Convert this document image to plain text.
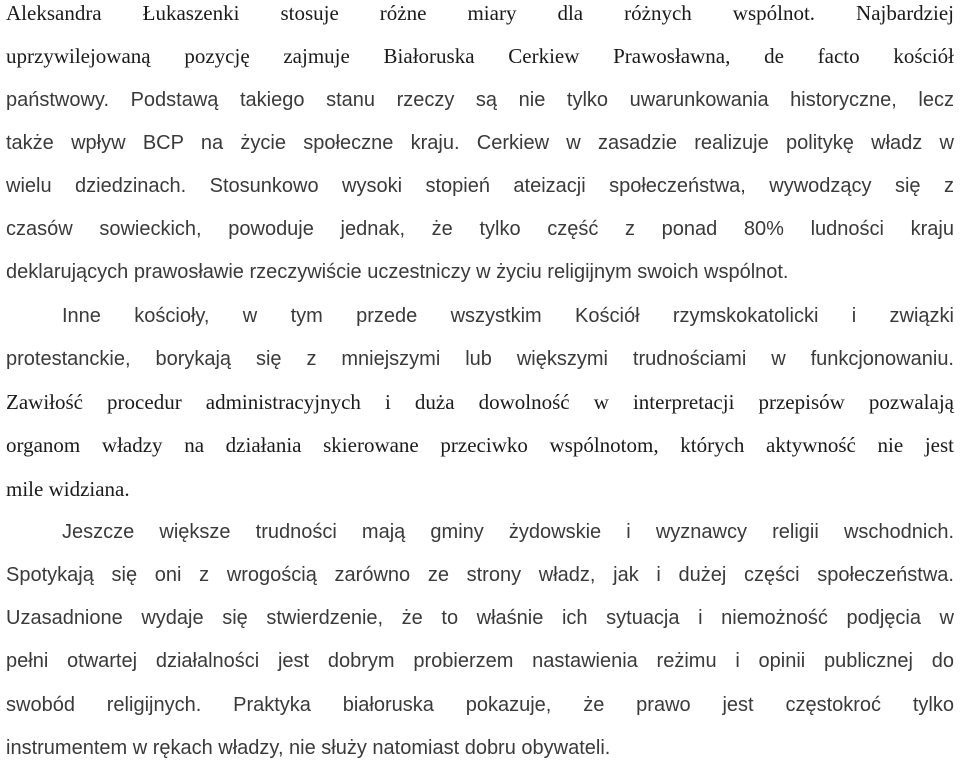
Aleksandra Łukaszenki stosuje różne miary dla różnych wspólnot. Najbardziej
uprzywilejowaną pozycję zajmuje Białoruska Cerkiew Prawosławna, de facto kościół
państwowy. Podstawą takiego stanu rzeczy są nie tylko uwarunkowania historyczne, lecz
także wpływ BCP na życie społeczne kraju. Cerkiew w zasadzie realizuje politykę władz w
wielu dziedzinach. Stosunkowo wysoki stopień ateizacji społeczeństwa, wywodzący się z
czasów sowieckich, powoduje jednak, że tylko część z ponad 80% ludności kraju
deklarujących prawosławie rzeczywiście uczestniczy w życiu religijnym swoich wspólnot.
Inne kościoły, w tym przede wszystkim Kościół rzymskokatolicki i związki
protestanckie, borykają się z mniejszymi lub większymi trudnościami w funkcjonowaniu.
Zawiłość procedur administracyjnych i duża dowolność w interpretacji przepisów pozwalają
organom władzy na działania skierowane przeciwko wspólnotom, których aktywność nie jest
mile widziana.
Jeszcze większe trudności mają gminy żydowskie i wyznawcy religii wschodnich.
Spotykają się oni z wrogością zarówno ze strony władz, jak i dużej części społeczeństwa.
Uzasadnione wydaje się stwierdzenie, że to właśnie ich sytuacja i niemożność podjęcia w
pełni otwartej działalności jest dobrym probierzem nastawienia reżimu i opinii publicznej do
swobód religijnych. Praktyka białoruska pokazuje, że prawo jest częstokroć tylko
instrumentem w rękach władzy, nie służy natomiast dobru obywateli.
